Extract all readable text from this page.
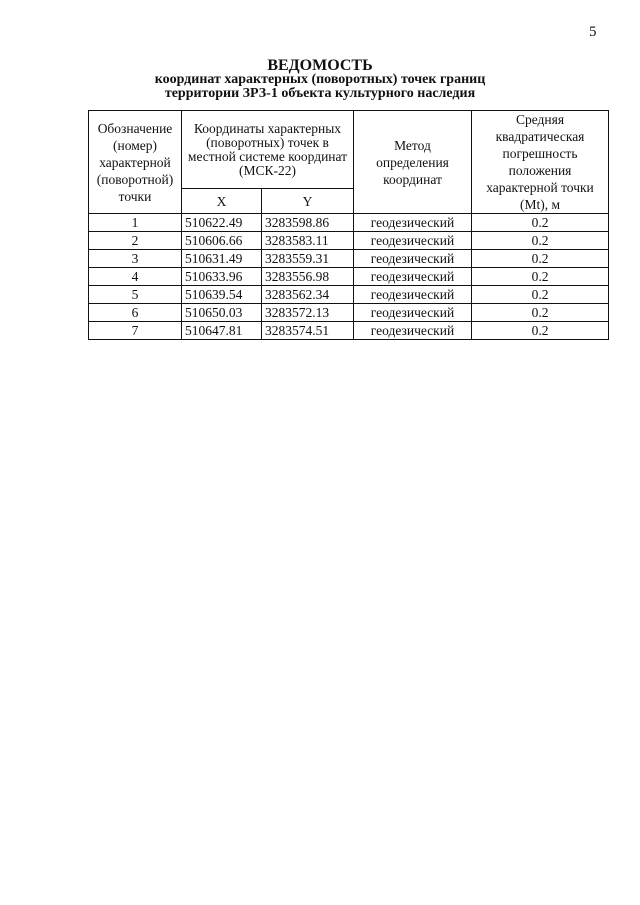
5
ВЕДОМОСТЬ
координат характерных (поворотных) точек границ
территории ЗРЗ-1 объекта культурного наследия
Обозначение (номер) характерной (поворотной) точки	Координаты характерных (поворотных) точек в местной системе координат (МСК-22)		Метод определения координат	Средняя квадратическая погрешность положения характерной точки (Mt), м
	X	Y		
1	510622.49	3283598.86	геодезический	0.2
2	510606.66	3283583.11	геодезический	0.2
3	510631.49	3283559.31	геодезический	0.2
4	510633.96	3283556.98	геодезический	0.2
5	510639.54	3283562.34	геодезический	0.2
6	510650.03	3283572.13	геодезический	0.2
7	510647.81	3283574.51	геодезический	0.2
